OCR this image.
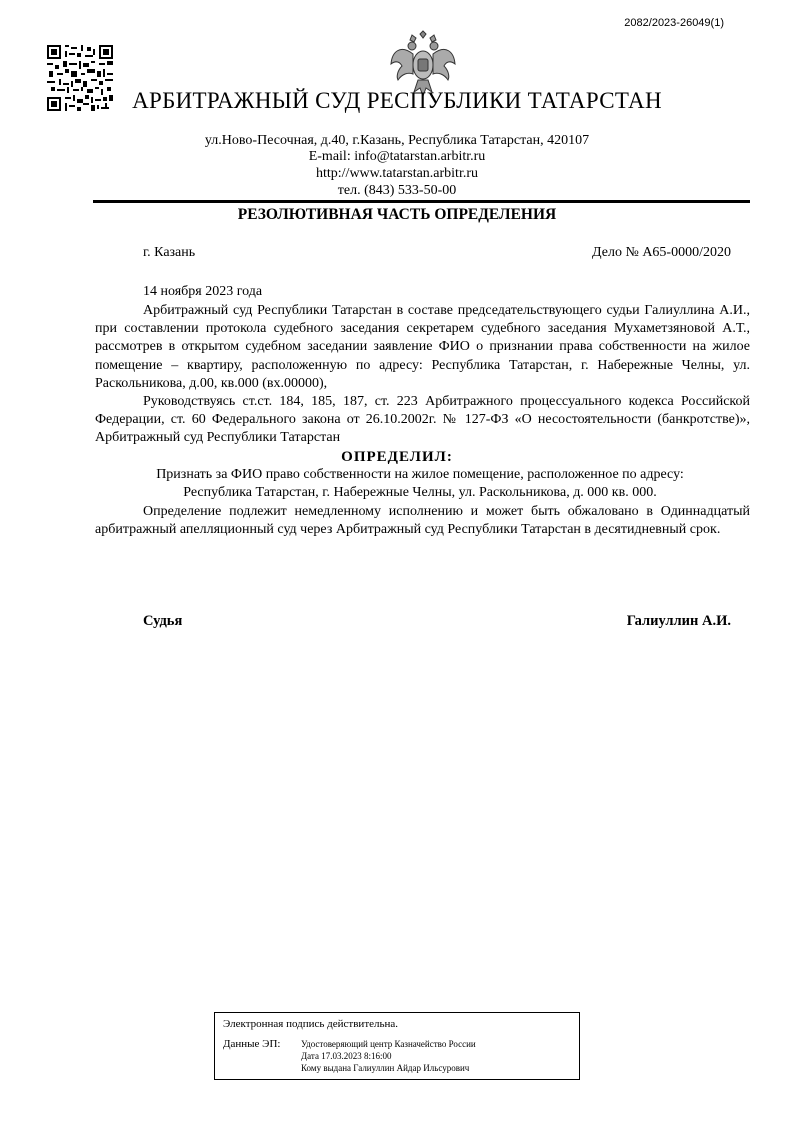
2082/2023-26049(1)
АРБИТРАЖНЫЙ СУД РЕСПУБЛИКИ ТАТАРСТАН
ул.Ново-Песочная, д.40, г.Казань, Республика Татарстан, 420107
E-mail: info@tatarstan.arbitr.ru
http://www.tatarstan.arbitr.ru
тел. (843) 533-50-00
РЕЗОЛЮТИВНАЯ ЧАСТЬ ОПРЕДЕЛЕНИЯ
г. Казань	Дело № А65-0000/2020
14 ноября 2023 года

Арбитражный суд Республики Татарстан в составе председательствующего судьи Галиуллина А.И., при составлении протокола судебного заседания секретарем судебного заседания Мухаметзяновой А.Т., рассмотрев в открытом судебном заседании заявление ФИО о признании права собственности на жилое помещение – квартиру, расположенную по адресу: Республика Татарстан, г. Набережные Челны, ул. Раскольникова, д.00, кв.000 (вх.00000),

Руководствуясь ст.ст. 184, 185, 187, ст. 223 Арбитражного процессуального кодекса Российской Федерации, ст. 60 Федерального закона от 26.10.2002г. № 127-ФЗ «О несостоятельности (банкротстве)», Арбитражный суд Республики Татарстан

ОПРЕДЕЛИЛ:
Признать за ФИО право собственности на жилое помещение, расположенное по адресу:
Республика Татарстан, г. Набережные Челны, ул. Раскольникова, д. 000 кв. 000.

Определение подлежит немедленному исполнению и может быть обжаловано в Одиннадцатый арбитражный апелляционный суд через Арбитражный суд Республики Татарстан в десятидневный срок.

Судья	Галиуллин А.И.
Электронная подпись действительна.
Данные ЭП: Удостоверяющий центр Казначейство России
Дата 17.03.2023 8:16:00
Кому выдана Галиуллин Айдар Ильсурович
